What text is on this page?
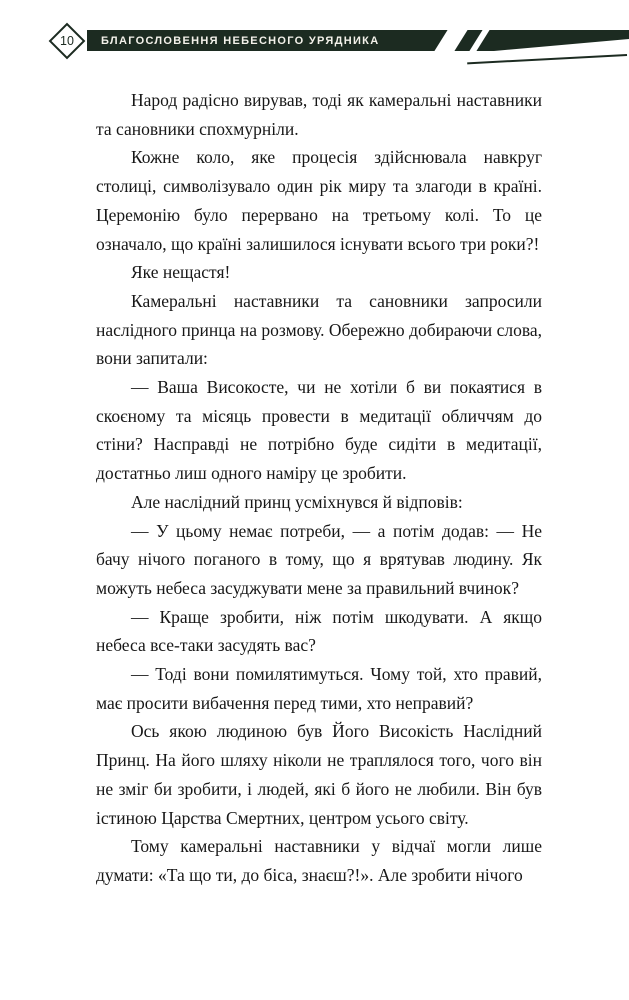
10	БЛАГОСЛОВЕННЯ НЕБЕСНОГО УРЯДНИКА

Народ радісно вирував, тоді як камеральні наставники та сановники спохмурніли.

Кожне коло, яке процесія здійснювала навкруг столиці, символізувало один рік миру та злагоди в країні. Церемонію було перервано на третьому колі. То це означало, що країні залишилося існувати всього три роки?!

Яке нещастя!

Камеральні наставники та сановники запросили наслідного принца на розмову. Обережно добираючи слова, вони запитали:

— Ваша Високосте, чи не хотіли б ви покаятися в скоєному та місяць провести в медитації обличчям до стіни? Насправді не потрібно буде сидіти в медитації, достатньо лиш одного наміру це зробити.

Але наслідний принц усміхнувся й відповів:

— У цьому немає потреби, — а потім додав: — Не бачу нічого поганого в тому, що я врятував людину. Як можуть небеса засуджувати мене за правильний вчинок?

— Краще зробити, ніж потім шкодувати. А якщо небеса все-таки засудять вас?

— Тоді вони помилятимуться. Чому той, хто правий, має просити вибачення перед тими, хто неправий?

Ось якою людиною був Його Високість Наслідний Принц. На його шляху ніколи не траплялося того, чого він не зміг би зробити, і людей, які б його не любили. Він був істиною Царства Смертних, центром усього світу.

Тому камеральні наставники у відчаї могли лише думати: «Та що ти, до біса, знаєш?!». Але зробити нічого
